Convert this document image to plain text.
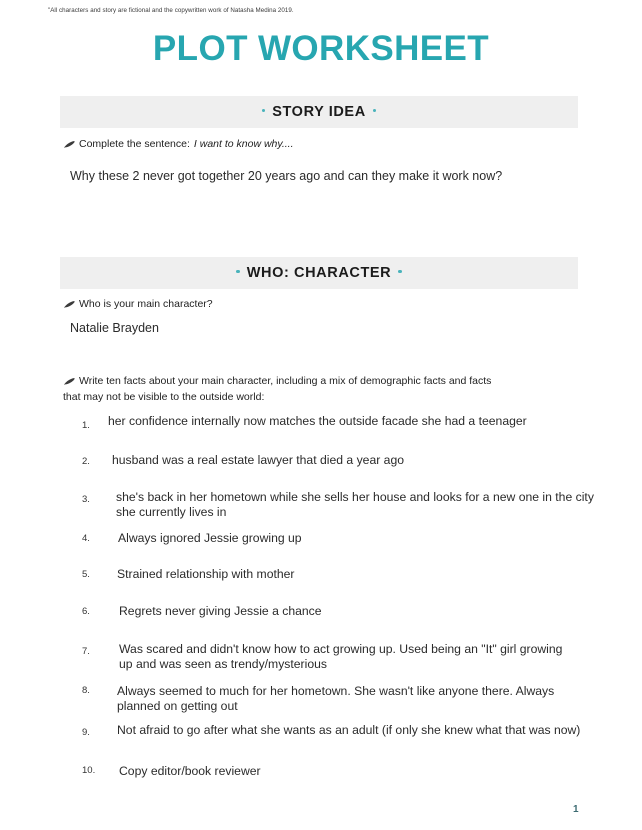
"All characters and story are fictional and the copywritten work of Natasha Medina 2019.
PLOT WORKSHEET
STORY IDEA
Complete the sentence: I want to know why....
Why these 2 never got together 20 years ago and can they make it work now?
WHO: CHARACTER
Who is your main character?
Natalie Brayden
Write ten facts about your main character, including a mix of demographic facts and facts
that may not be visible to the outside world:
1.	her confidence internally now matches the outside facade she had a teenager
2.	husband was a real estate lawyer that died a year ago
3.	she's back in her hometown while she sells her house and looks for a new one in the city she currently lives in
4.	Always ignored Jessie growing up
5.	Strained relationship with mother
6.	Regrets never giving Jessie a chance
7.	Was scared and didn't know how to act growing up. Used being an "It" girl growing up and was seen as trendy/mysterious
8.	Always seemed to much for her hometown. She wasn't like anyone there. Always planned on getting out
9.	Not afraid to go after what she wants as an adult (if only she knew what that was now)
10.	Copy editor/book reviewer
1
